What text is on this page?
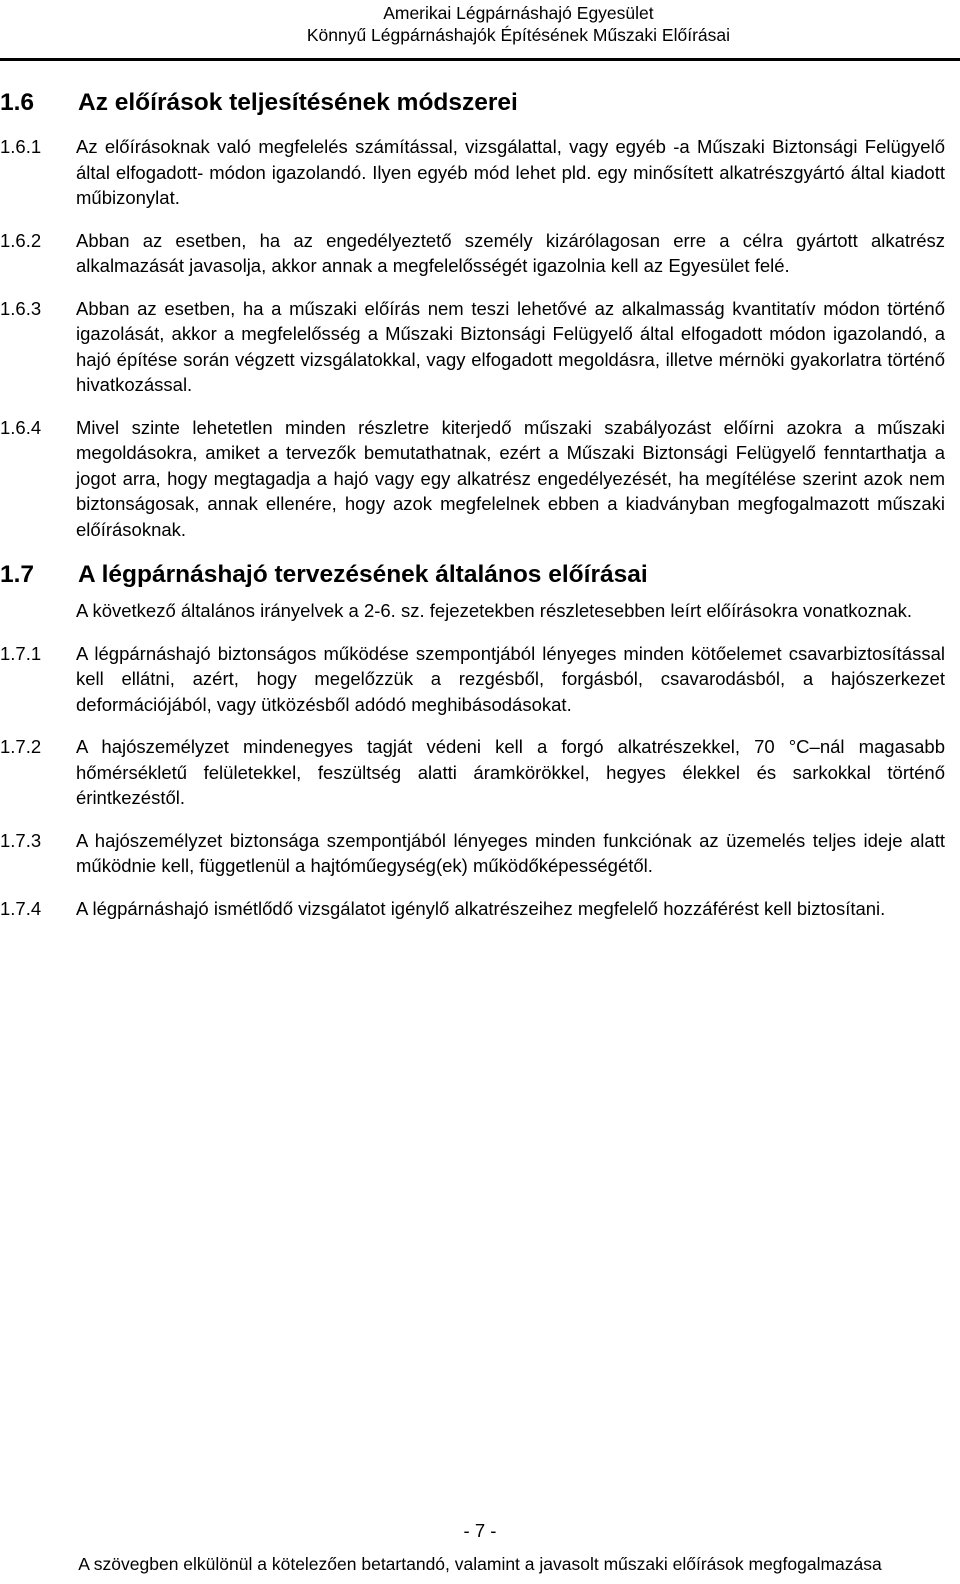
Amerikai Légpárnáshajó Egyesület
Könnyű Légpárnáshajók Építésének Műszaki Előírásai
1.6	Az előírások teljesítésének módszerei
1.6.1	Az előírásoknak való megfelelés számítással, vizsgálattal, vagy egyéb -a Műszaki Biztonsági Felügyelő által elfogadott- módon igazolandó. Ilyen egyéb mód lehet pld. egy minősített alkatrészgyártó által kiadott műbizonylat.
1.6.2	Abban az esetben, ha az engedélyeztető személy kizárólagosan erre a célra gyártott alkatrész alkalmazását javasolja, akkor annak a megfelelősségét igazolnia kell az Egyesület felé.
1.6.3	Abban az esetben, ha a műszaki előírás nem teszi lehetővé az alkalmasság kvantitatív módon történő igazolását, akkor a megfelelősség a Műszaki Biztonsági Felügyelő által elfogadott módon igazolandó, a hajó építése során végzett vizsgálatokkal, vagy elfogadott megoldásra, illetve mérnöki gyakorlatra történő hivatkozással.
1.6.4	Mivel szinte lehetetlen minden részletre kiterjedő műszaki szabályozást előírni azokra a műszaki megoldásokra, amiket a tervezők bemutathatnak, ezért a Műszaki Biztonsági Felügyelő fenntarthatja a jogot arra, hogy megtagadja a hajó vagy egy alkatrész engedélyezését, ha megítélése szerint azok nem biztonságosak, annak ellenére, hogy azok megfelelnek ebben a kiadványban megfogalmazott műszaki előírásoknak.
1.7	A légpárnáshajó tervezésének általános előírásai
A következő általános irányelvek a 2-6. sz. fejezetekben részletesebben leírt előírásokra vonatkoznak.
1.7.1	A légpárnáshajó biztonságos működése szempontjából lényeges minden kötőelemet csavarbiztosítással kell ellátni, azért, hogy megelőzzük a rezgésből, forgásból, csavarodásból, a hajószerkezet deformációjából, vagy ütközésből adódó meghibásodásokat.
1.7.2	A hajószemélyzet mindenegyes tagját védeni kell a forgó alkatrészekkel, 70 °C–nál magasabb hőmérsékletű felületekkel, feszültség alatti áramkörökkel, hegyes élekkel és sarkokkal történő érintkezéstől.
1.7.3	A hajószemélyzet biztonsága szempontjából lényeges minden funkciónak az üzemelés teljes ideje alatt működnie kell, függetlenül a hajtóműegység(ek) működőképességétől.
1.7.4	A légpárnáshajó ismétlődő vizsgálatot igénylő alkatrészeihez megfelelő hozzáférést kell biztosítani.
- 7 -
A szövegben elkülönül a kötelezően betartandó, valamint a javasolt műszaki előírások megfogalmazása
